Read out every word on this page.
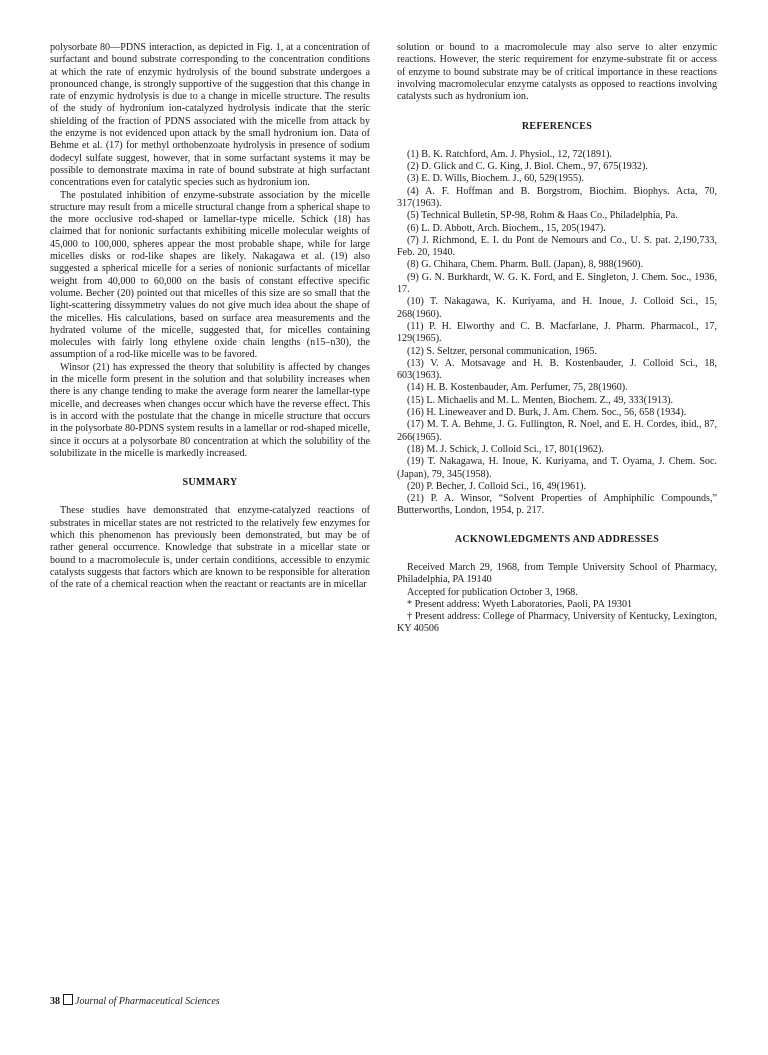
polysorbate 80—PDNS interaction, as depicted in Fig. 1, at a concentration of surfactant and bound substrate corresponding to the concentration conditions at which the rate of enzymic hydrolysis of the bound substrate undergoes a pronounced change, is strongly supportive of the suggestion that this change in rate of enzymic hydrolysis is due to a change in micelle structure. The results of the study of hydronium ion-catalyzed hydrolysis indicate that the steric shielding of the fraction of PDNS associated with the micelle from attack by the enzyme is not evidenced upon attack by the small hydronium ion. Data of Behme et al. (17) for methyl orthobenzoate hydrolysis in presence of sodium dodecyl sulfate suggest, however, that in some surfactant systems it may be possible to demonstrate maxima in rate of bound substrate at high surfactant concentrations even for catalytic species such as hydronium ion.

The postulated inhibition of enzyme-substrate association by the micelle structure may result from a micelle structural change from a spherical shape to the more occlusive rod-shaped or lamellar-type micelle. Schick (18) has claimed that for nonionic surfactants exhibiting micelle molecular weights of 45,000 to 100,000, spheres appear the most probable shape, while for large micelles disks or rod-like shapes are likely. Nakagawa et al. (19) also suggested a spherical micelle for a series of nonionic surfactants of micellar weight from 40,000 to 60,000 on the basis of constant effective specific volume. Becher (20) pointed out that micelles of this size are so small that the light-scattering dissymmetry values do not give much idea about the shape of the micelles. His calculations, based on surface area measurements and the hydrated volume of the micelle, suggested that, for micelles containing molecules with fairly long ethylene oxide chain lengths (n15–n30), the assumption of a rod-like micelle was to be favored.

Winsor (21) has expressed the theory that solubility is affected by changes in the micelle form present in the solution and that solubility increases when there is any change tending to make the average form nearer the lamellar-type micelle, and decreases when changes occur which have the reverse effect. This is in accord with the postulate that the change in micelle structure that occurs in the polysorbate 80-PDNS system results in a lamellar or rod-shaped micelle, since it occurs at a polysorbate 80 concentration at which the solubility of the solubilizate in the micelle is markedly increased.

SUMMARY

These studies have demonstrated that enzyme-catalyzed reactions of substrates in micellar states are not restricted to the relatively few enzymes for which this phenomenon has previously been demonstrated, but may be of rather general occurrence. Knowledge that substrate in a micellar state or bound to a macromolecule is, under certain conditions, accessible to enzymic catalysts suggests that factors which are known to be responsible for alteration of the rate of a chemical reaction when the reactant or reactants are in micellar

solution or bound to a macromolecule may also serve to alter enzymic reactions. However, the steric requirement for enzyme-substrate fit or access of enzyme to bound substrate may be of critical importance in these reactions involving macromolecular enzyme catalysts as opposed to reactions involving catalysts such as hydronium ion.

REFERENCES

(1) B. K. Ratchford, Am. J. Physiol., 12, 72(1891).

(2) D. Glick and C. G. King, J. Biol. Chem., 97, 675(1932).

(3) E. D. Wills, Biochem. J., 60, 529(1955).

(4) A. F. Hoffman and B. Borgstrom, Biochim. Biophys. Acta, 70, 317(1963).

(5) Technical Bulletin, SP-98, Rohm & Haas Co., Philadelphia, Pa.

(6) L. D. Abbott, Arch. Biochem., 15, 205(1947).

(7) J. Richmond, E. I. du Pont de Nemours and Co., U. S. pat. 2,190,733, Feb. 20, 1940.

(8) G. Chihara, Chem. Pharm. Bull. (Japan), 8, 988(1960).

(9) G. N. Burkhardt, W. G. K. Ford, and E. Singleton, J. Chem. Soc., 1936, 17.

(10) T. Nakagawa, K. Kuriyama, and H. Inoue, J. Colloid Sci., 15, 268(1960).

(11) P. H. Elworthy and C. B. Macfarlane, J. Pharm. Pharmacol., 17, 129(1965).

(12) S. Seltzer, personal communication, 1965.

(13) V. A. Motsavage and H. B. Kostenbauder, J. Colloid Sci., 18, 603(1963).

(14) H. B. Kostenbauder, Am. Perfumer, 75, 28(1960).

(15) L. Michaelis and M. L. Menten, Biochem. Z., 49, 333(1913).

(16) H. Lineweaver and D. Burk, J. Am. Chem. Soc., 56, 658 (1934).

(17) M. T. A. Behme, J. G. Fullington, R. Noel, and E. H. Cordes, ibid., 87, 266(1965).

(18) M. J. Schick, J. Colloid Sci., 17, 801(1962).

(19) T. Nakagawa, H. Inoue, K. Kuriyama, and T. Oyama, J. Chem. Soc. (Japan), 79, 345(1958).

(20) P. Becher, J. Colloid Sci., 16, 49(1961).

(21) P. A. Winsor, “Solvent Properties of Amphiphilic Compounds,” Butterworths, London, 1954, p. 217.

ACKNOWLEDGMENTS AND ADDRESSES

Received March 29, 1968, from Temple University School of Pharmacy, Philadelphia, PA 19140

Accepted for publication October 3, 1968.

* Present address: Wyeth Laboratories, Paoli, PA 19301

† Present address: College of Pharmacy, University of Kentucky, Lexington, KY 40506

38 Journal of Pharmaceutical Sciences
